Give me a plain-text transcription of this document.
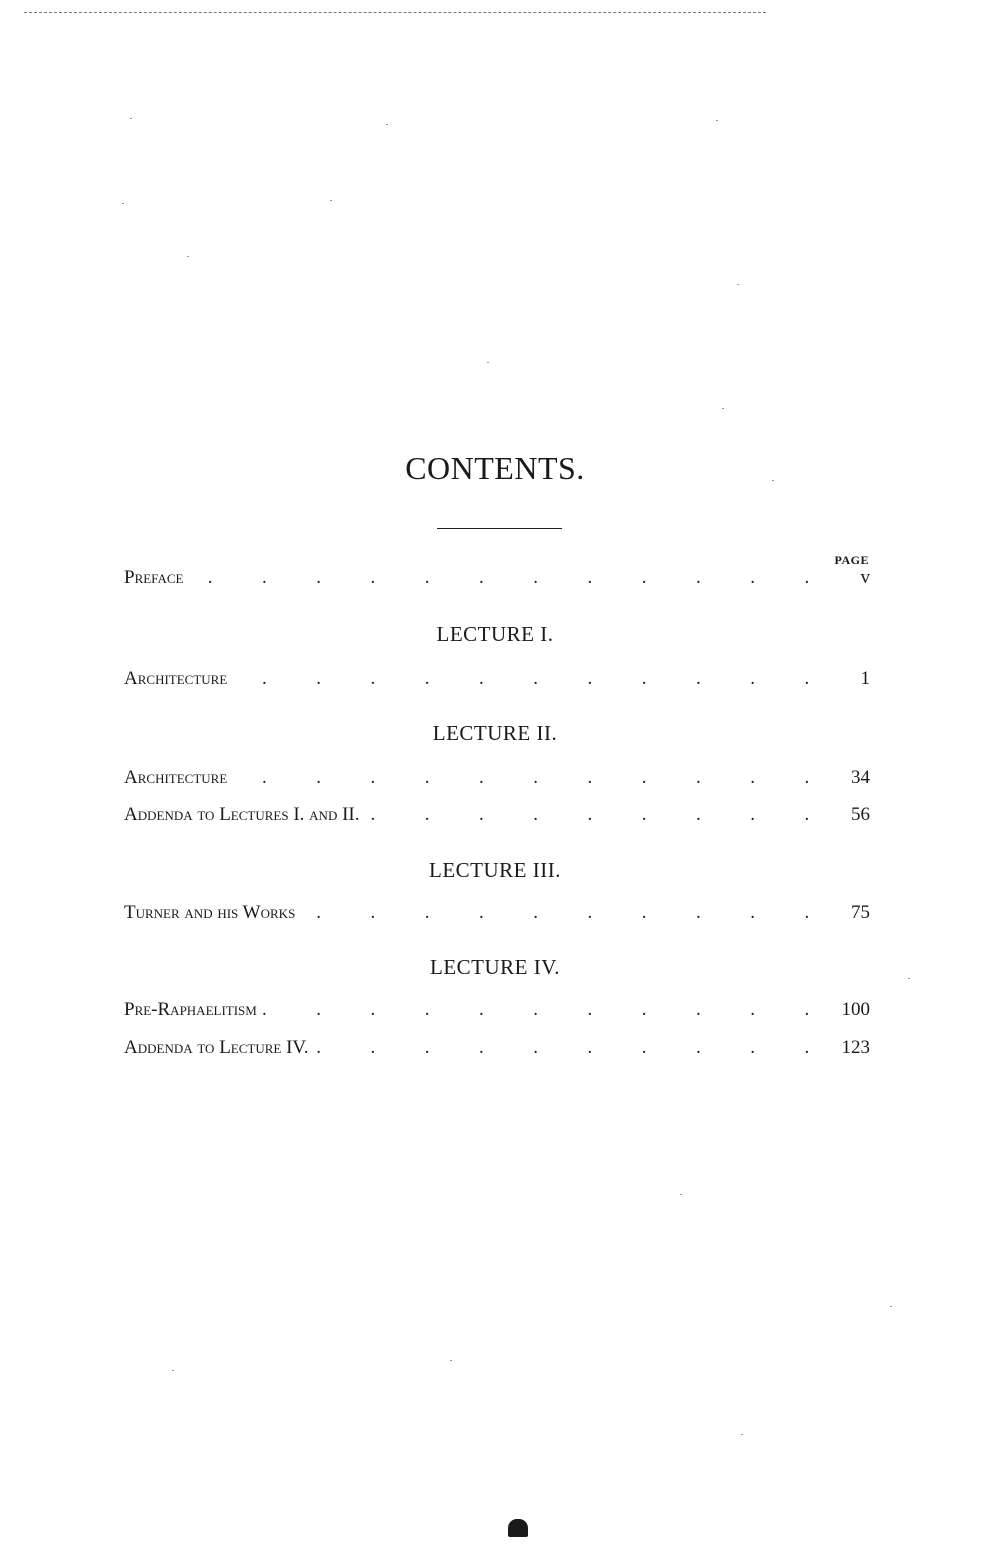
CONTENTS.
PAGE
Preface . .	v
LECTURE I.
Architecture . .	1
LECTURE II.
Architecture . .	34
Addenda to Lectures I. and II. . .	56
LECTURE III.
Turner and his Works . .	75
LECTURE IV.
Pre-Raphaelitism . .	100
Addenda to Lecture IV. . .	123
